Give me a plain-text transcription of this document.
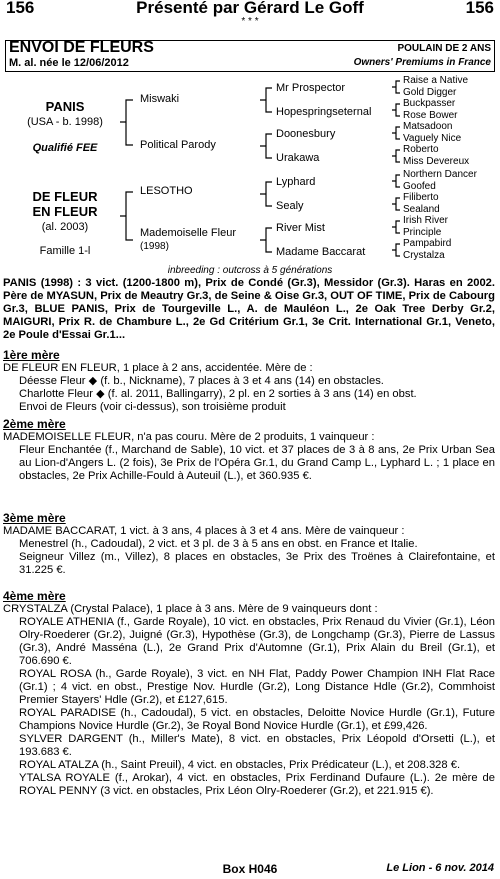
156	Présenté par Gérard Le Goff	156
* * *
ENVOI DE FLEURS
M. al. née le 12/06/2012
POULAIN DE 2 ANS
Owners' Premiums in France
PANIS
(USA - b. 1998)
Qualifié FEE
DE FLEUR
EN FLEUR
(al. 2003)
Famille 1-l
Miswaki
Political Parody
LESOTHO
Mademoiselle Fleur
(1998)
Mr Prospector
Hopespringseternal
Doonesbury
Urakawa
Lyphard
Sealy
River Mist
Madame Baccarat
Raise a Native
Gold Digger
Buckpasser
Rose Bower
Matsadoon
Vaguely Nice
Roberto
Miss Devereux
Northern Dancer
Goofed
Filiberto
Sealand
Irish River
Principle
Pampabird
Crystalza
inbreeding : outcross à 5 générations
PANIS (1998) : 3 vict. (1200-1800 m), Prix de Condé (Gr.3), Messidor (Gr.3). Haras en 2002. Père de MYASUN, Prix de Meautry Gr.3, de Seine & Oise Gr.3, OUT OF TIME, Prix de Cabourg Gr.3, BLUE PANIS, Prix de Tourgeville L., A. de Mauléon L., 2e Oak Tree Derby Gr.2, MAIGURI, Prix R. de Chambure L., 2e Gd Critérium Gr.1, 3e Crit. International Gr.1, Veneto, 2e Poule d'Essai Gr.1...
1ère mère
DE FLEUR EN FLEUR, 1 place à 2 ans, accidentée. Mère de :
Déesse Fleur ◆ (f. b., Nickname), 7 places à 3 et 4 ans (14) en obstacles.
Charlotte Fleur ◆ (f. al. 2011, Ballingarry), 2 pl. en 2 sorties à 3 ans (14) en obst.
Envoi de Fleurs (voir ci-dessus), son troisième produit
2ème mère
MADEMOISELLE FLEUR, n'a pas couru. Mère de 2 produits, 1 vainqueur :
Fleur Enchantée (f., Marchand de Sable), 10 vict. et 37 places de 3 à 8 ans, 2e Prix Urban Sea au Lion-d'Angers L. (2 fois), 3e Prix de l'Opéra Gr.1, du Grand Camp L., Lyphard L. ; 1 place en obstacles, 2e Prix Achille-Fould à Auteuil (L.), et 360.935 €.
3ème mère
MADAME BACCARAT, 1 vict. à 3 ans, 4 places à 3 et 4 ans. Mère de vainqueur :
Menestrel (h., Cadoudal), 2 vict. et 3 pl. de 3 à 5 ans en obst. en France et Italie.
Seigneur Villez (m., Villez), 8 places en obstacles, 3e Prix des Troënes à Clairefontaine, et 31.225 €.
4ème mère
CRYSTALZA (Crystal Palace), 1 place à 3 ans. Mère de 9 vainqueurs dont :
ROYALE ATHENIA (f., Garde Royale), 10 vict. en obstacles, Prix Renaud du Vivier (Gr.1), Léon Olry-Roederer (Gr.2), Juigné (Gr.3), Hypothèse (Gr.3), de Longchamp (Gr.3), Pierre de Lassus (Gr.3), André Masséna (L.), 2e Grand Prix d'Automne (Gr.1), Prix Alain du Breil (Gr.1), et 706.690 €.
ROYAL ROSA (h., Garde Royale), 3 vict. en NH Flat, Paddy Power Champion INH Flat Race (Gr.1) ; 4 vict. en obst., Prestige Nov. Hurdle (Gr.2), Long Distance Hdle (Gr.2), Commhoist Premier Stayers' Hdle (Gr.2), et £127,615.
ROYAL PARADISE (h., Cadoudal), 5 vict. en obstacles, Deloitte Novice Hurdle (Gr.1), Future Champions Novice Hurdle (Gr.2), 3e Royal Bond Novice Hurdle (Gr.1), et £99,426.
SYLVER DARGENT (h., Miller's Mate), 8 vict. en obstacles, Prix Léopold d'Orsetti (L.), et 193.683 €.
ROYAL ATALZA (h., Saint Preuil), 4 vict. en obstacles, Prix Prédicateur (L.), et 208.328 €.
YTALSA ROYALE (f., Arokar), 4 vict. en obstacles, Prix Ferdinand Dufaure (L.). 2e mère de ROYAL PENNY (3 vict. en obstacles, Prix Léon Olry-Roederer (Gr.2), et 221.915 €).
Box H046	Le Lion - 6 nov. 2014
